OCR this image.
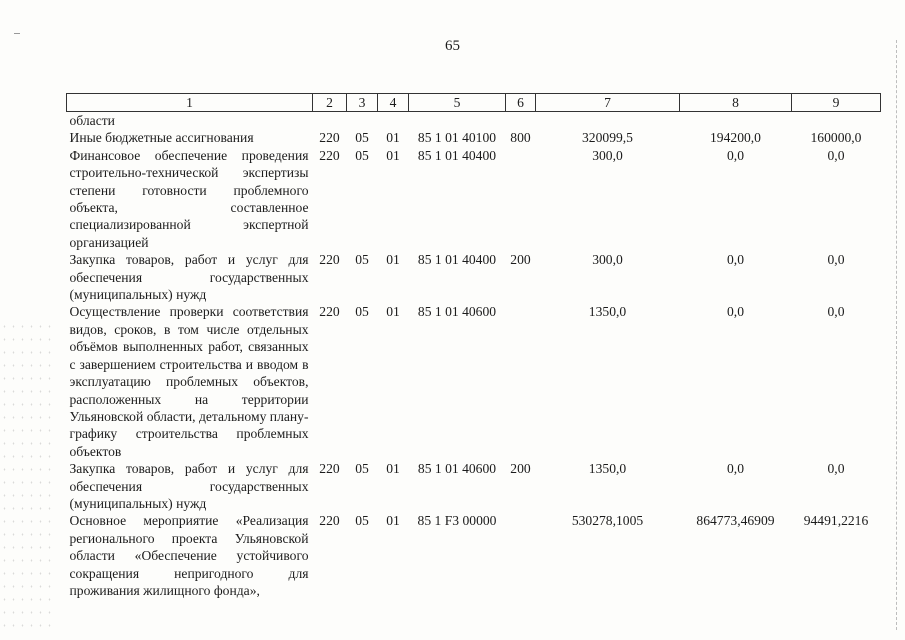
65
1	2	3	4	5	6	7	8	9
области								
Иные бюджетные ассигнования	220	05	01	85 1 01 40100	800	320099,5	194200,0	160000,0
Финансовое обеспечение проведения строительно-технической экспертизы степени готовности проблемного объекта, составленное специализированной экспертной организацией	220	05	01	85 1 01 40400		300,0	0,0	0,0
Закупка товаров, работ и услуг для обеспечения государственных (муниципальных) нужд	220	05	01	85 1 01 40400	200	300,0	0,0	0,0
Осуществление проверки соответствия видов, сроков, в том числе отдельных объёмов выполненных работ, связанных с завершением строительства и вводом в эксплуатацию проблемных объектов, расположенных на территории Ульяновской области, детальному плану-графику строительства проблемных объектов	220	05	01	85 1 01 40600		1350,0	0,0	0,0
Закупка товаров, работ и услуг для обеспечения государственных (муниципальных) нужд	220	05	01	85 1 01 40600	200	1350,0	0,0	0,0
Основное мероприятие «Реализация регионального проекта Ульяновской области «Обеспечение устойчивого сокращения непригодного для проживания жилищного фонда»,	220	05	01	85 1 F3 00000		530278,1005	864773,46909	94491,2216
